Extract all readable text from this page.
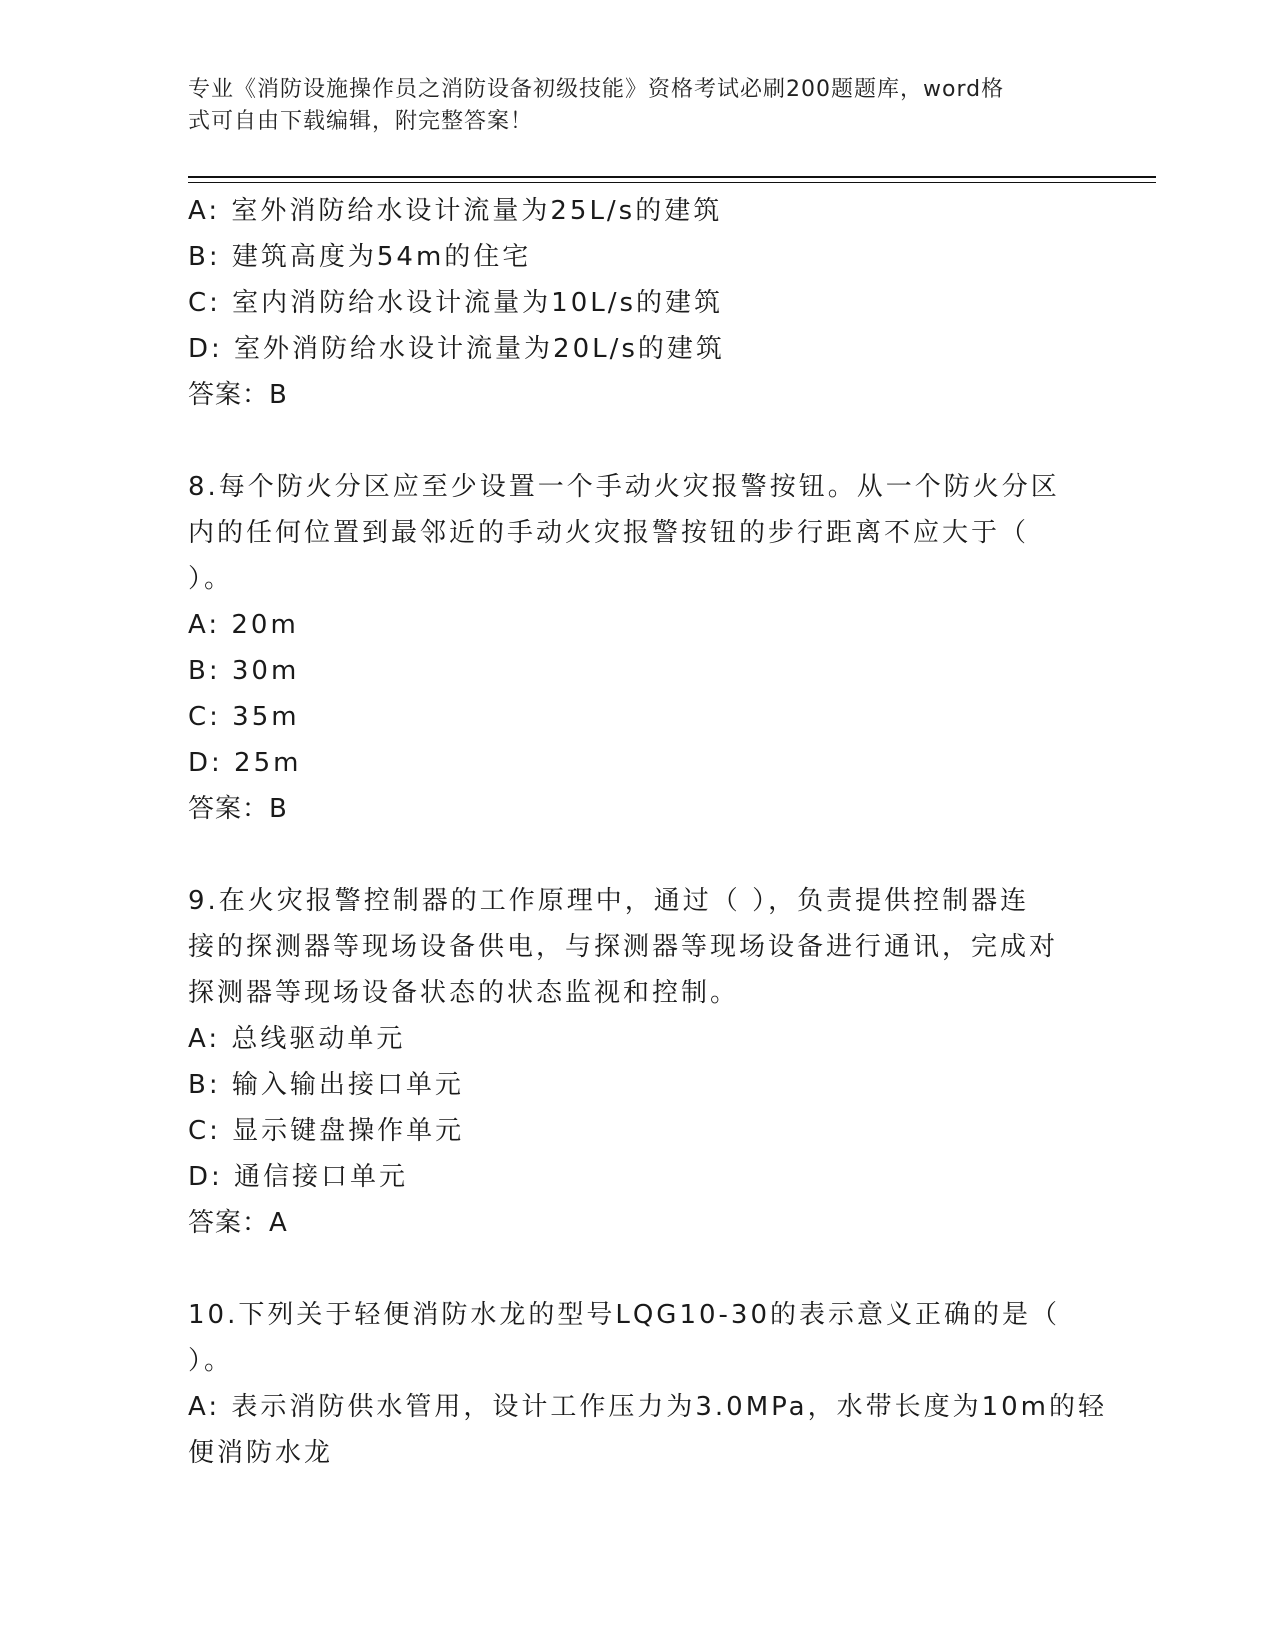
专业《消防设施操作员之消防设备初级技能》资格考试必刷200题题库，word格
式可自由下载编辑，附完整答案！
A: 室外消防给水设计流量为25L/s的建筑
B: 建筑高度为54m的住宅
C: 室内消防给水设计流量为10L/s的建筑
D: 室外消防给水设计流量为20L/s的建筑
答案：B
8.每个防火分区应至少设置一个手动火灾报警按钮。从一个防火分区
内的任何位置到最邻近的手动火灾报警按钮的步行距离不应大于（
）。
A: 20m
B: 30m
C: 35m
D: 25m
答案：B
9.在火灾报警控制器的工作原理中，通过（ ），负责提供控制器连
接的探测器等现场设备供电，与探测器等现场设备进行通讯，完成对
探测器等现场设备状态的状态监视和控制。
A: 总线驱动单元
B: 输入输出接口单元
C: 显示键盘操作单元
D: 通信接口单元
答案：A
10.下列关于轻便消防水龙的型号LQG10-30的表示意义正确的是（
）。
A: 表示消防供水管用，设计工作压力为3.0MPa，水带长度为10m的轻
便消防水龙
